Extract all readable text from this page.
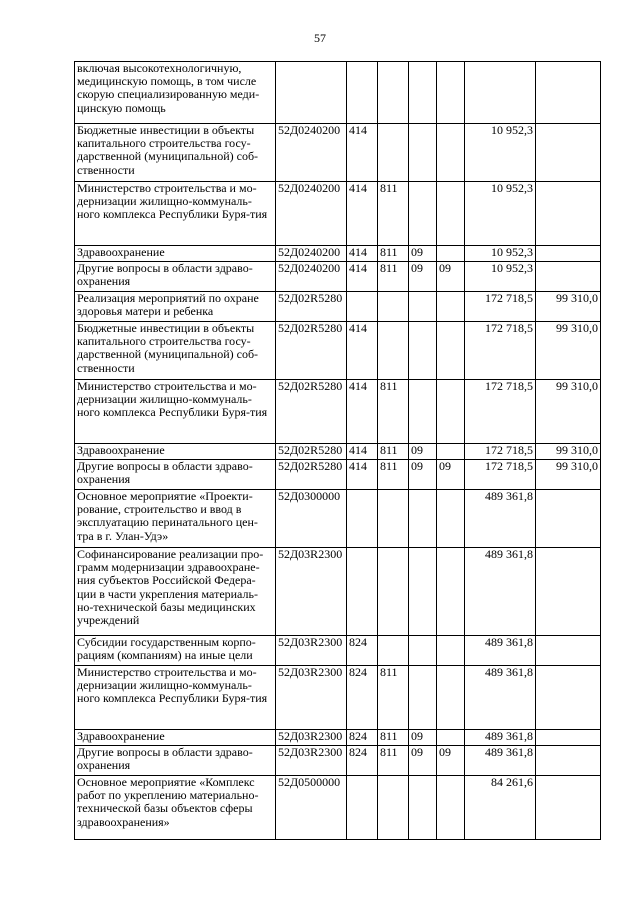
57
включая высокотехнологичную, медицинскую помощь, в том числе скорую специализированную меди-цинскую помощь							
Бюджетные инвестиции в объекты капитального строительства госу-дарственной (муниципальной) соб-ственности	52Д0240200	414				10 952,3	
Министерство строительства и мо-дернизации жилищно-коммуналь-ного комплекса Республики Буря-тия	52Д0240200	414	811			10 952,3	
Здравоохранение	52Д0240200	414	811	09		10 952,3	
Другие вопросы в области здраво-охранения	52Д0240200	414	811	09	09	10 952,3	
Реализация мероприятий по охране здоровья матери и ребенка	52Д02R5280					172 718,5	99 310,0
Бюджетные инвестиции в объекты капитального строительства госу-дарственной (муниципальной) соб-ственности	52Д02R5280	414				172 718,5	99 310,0
Министерство строительства и мо-дернизации жилищно-коммуналь-ного комплекса Республики Буря-тия	52Д02R5280	414	811			172 718,5	99 310,0
Здравоохранение	52Д02R5280	414	811	09		172 718,5	99 310,0
Другие вопросы в области здраво-охранения	52Д02R5280	414	811	09	09	172 718,5	99 310,0
Основное мероприятие «Проекти-рование, строительство и ввод в эксплуатацию перинатального цен-тра в г. Улан-Удэ»	52Д0300000					489 361,8	
Софинансирование реализации про-грамм модернизации здравоохране-ния субъектов Российской Федера-ции в части укрепления материаль-но-технической базы медицинских учреждений	52Д03R2300					489 361,8	
Субсидии государственным корпо-рациям (компаниям) на иные цели	52Д03R2300	824				489 361,8	
Министерство строительства и мо-дернизации жилищно-коммуналь-ного комплекса Республики Буря-тия	52Д03R2300	824	811			489 361,8	
Здравоохранение	52Д03R2300	824	811	09		489 361,8	
Другие вопросы в области здраво-охранения	52Д03R2300	824	811	09	09	489 361,8	
Основное мероприятие «Комплекс работ по укреплению материально-технической базы объектов сферы здравоохранения»	52Д0500000					84 261,6	
